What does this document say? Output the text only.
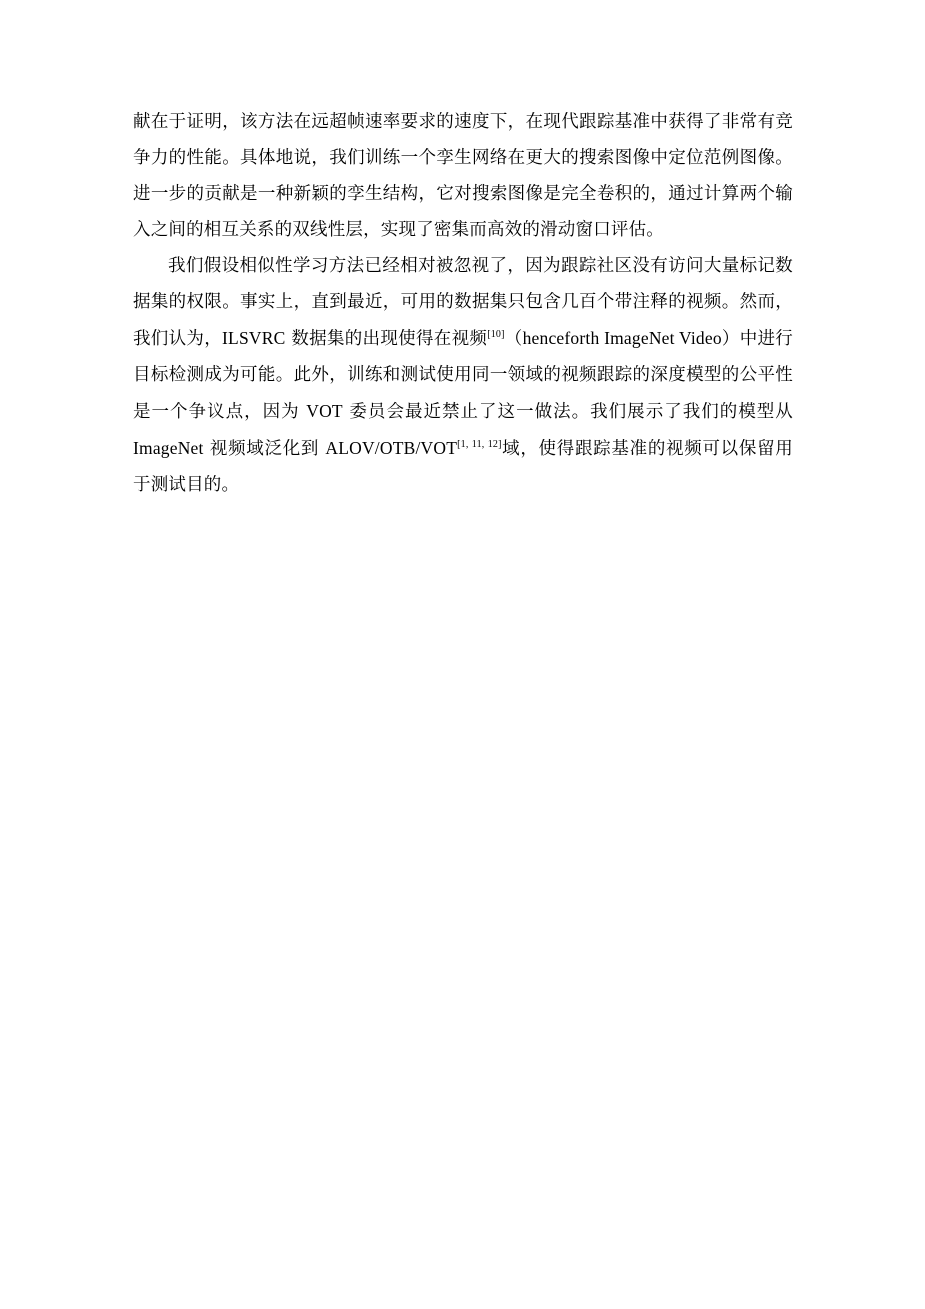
献在于证明，该方法在远超帧速率要求的速度下，在现代跟踪基准中获得了非常有竞争力的性能。具体地说，我们训练一个孪生网络在更大的搜索图像中定位范例图像。进一步的贡献是一种新颖的孪生结构，它对搜索图像是完全卷积的，通过计算两个输入之间的相互关系的双线性层，实现了密集而高效的滑动窗口评估。

我们假设相似性学习方法已经相对被忽视了，因为跟踪社区没有访问大量标记数据集的权限。事实上，直到最近，可用的数据集只包含几百个带注释的视频。然而，我们认为，ILSVRC 数据集的出现使得在视频[10]（henceforth ImageNet Video）中进行目标检测成为可能。此外，训练和测试使用同一领域的视频跟踪的深度模型的公平性是一个争议点，因为 VOT 委员会最近禁止了这一做法。我们展示了我们的模型从 ImageNet 视频域泛化到 ALOV/OTB/VOT[1, 11, 12]域，使得跟踪基准的视频可以保留用于测试目的。
